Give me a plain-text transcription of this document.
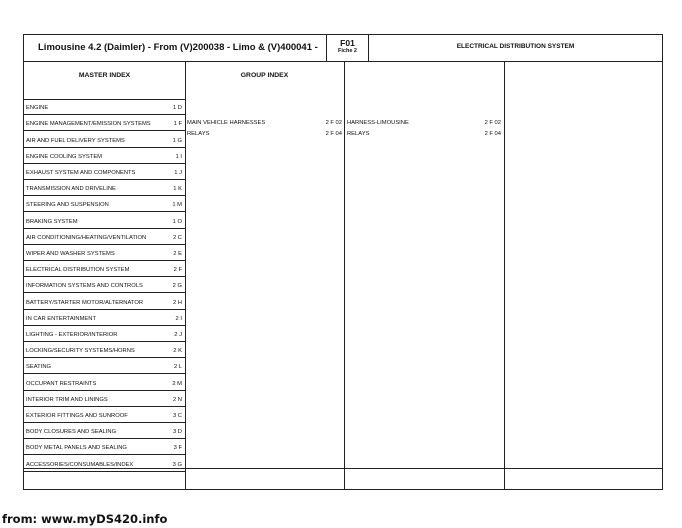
Limousine 4.2 (Daimler) - From (V)200038 - Limo & (V)400041 -	F01
Fiche 2
ELECTRICAL DISTRIBUTION SYSTEM
MASTER INDEX	GROUP INDEX
ENGINE	1 D
ENGINE MANAGEMENT/EMISSION SYSTEMS	1 F
AIR AND FUEL DELIVERY SYSTEMS	1 G
ENGINE COOLING SYSTEM	1 I
EXHAUST SYSTEM AND COMPONENTS	1 J
TRANSMISSION AND DRIVELINE	1 K
STEERING AND SUSPENSION	1 M
BRAKING SYSTEM	1 O
AIR CONDITIONING/HEATING/VENTILATION	2 C
WIPER AND WASHER SYSTEMS	2 E
ELECTRICAL DISTRIBUTION SYSTEM	2 F
INFORMATION SYSTEMS AND CONTROLS	2 G
BATTERY/STARTER MOTOR/ALTERNATOR	2 H
IN CAR ENTERTAINMENT	2 I
LIGHTING - EXTERIOR/INTERIOR	2 J
LOCKING/SECURITY SYSTEMS/HORNS	2 K
SEATING	2 L
OCCUPANT RESTRAINTS	2 M
INTERIOR TRIM AND LININGS	2 N
EXTERIOR FITTINGS AND SUNROOF	3 C
BODY CLOSURES AND SEALING	3 D
BODY METAL PANELS AND SEALING	3 F
ACCESSORIES/CONSUMABLES/INDEX	3 G
MAIN VEHICLE HARNESSES	2 F 02
RELAYS	2 F 04
HARNESS-LIMOUSINE	2 F 02
RELAYS	2 F 04
from: www.myDS420.info
